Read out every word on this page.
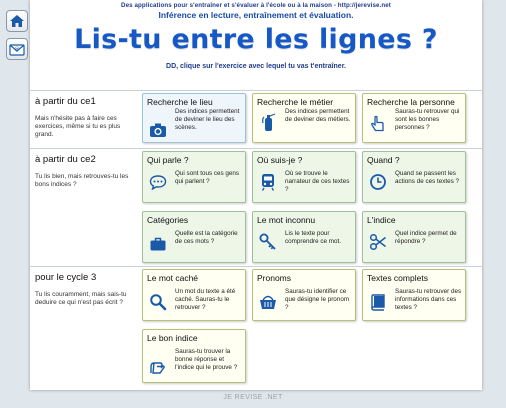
@
Des applications pour s'entraîner et s'évaluer à l'école ou à la maison - http://jerevise.net
Inférence en lecture, entraînement et évaluation.
Lis-tu entre les lignes ?
DD, clique sur l'exercice avec lequel tu vas t'entraîner.
à partir du ce1
Mais n'hésite pas à faire ces exercices, même si tu es plus grand.
Recherche le lieu
Des indices permettent de deviner le lieu des scènes.
Recherche le métier
Des indices permettent de deviner des métiers.
Recherche la personne
Sauras-tu retrouver qui sont les bonnes personnes ?
à partir du ce2
Tu lis bien, mais retrouves-tu les bons indices ?
Qui parle ?
Qui sont tous ces gens qui parlent ?
Où suis-je ?
Où se trouve le narrateur de ces textes ?
Quand ?
Quand se passent les actions de ces textes ?
Catégories
Quelle est la catégorie de ces mots ?
Le mot inconnu
Lis le texte pour comprendre ce mot.
L'indice
Quel indice permet de répondre ?
pour le cycle 3
Tu lis couramment, mais sais-tu deduire ce qui n'est pas écrit ?
Le mot caché
Un mot du texte a été caché. Sauras-tu le retrouver ?
Pronoms
Sauras-tu identifier ce que désigne le pronom ?
Textes complets
Sauras-tu retrouver des informations dans ces textes ?
Le bon indice
Sauras-tu trouver la bonne réponse et l'indice qui le prouve ?
JE REVISE .NET
